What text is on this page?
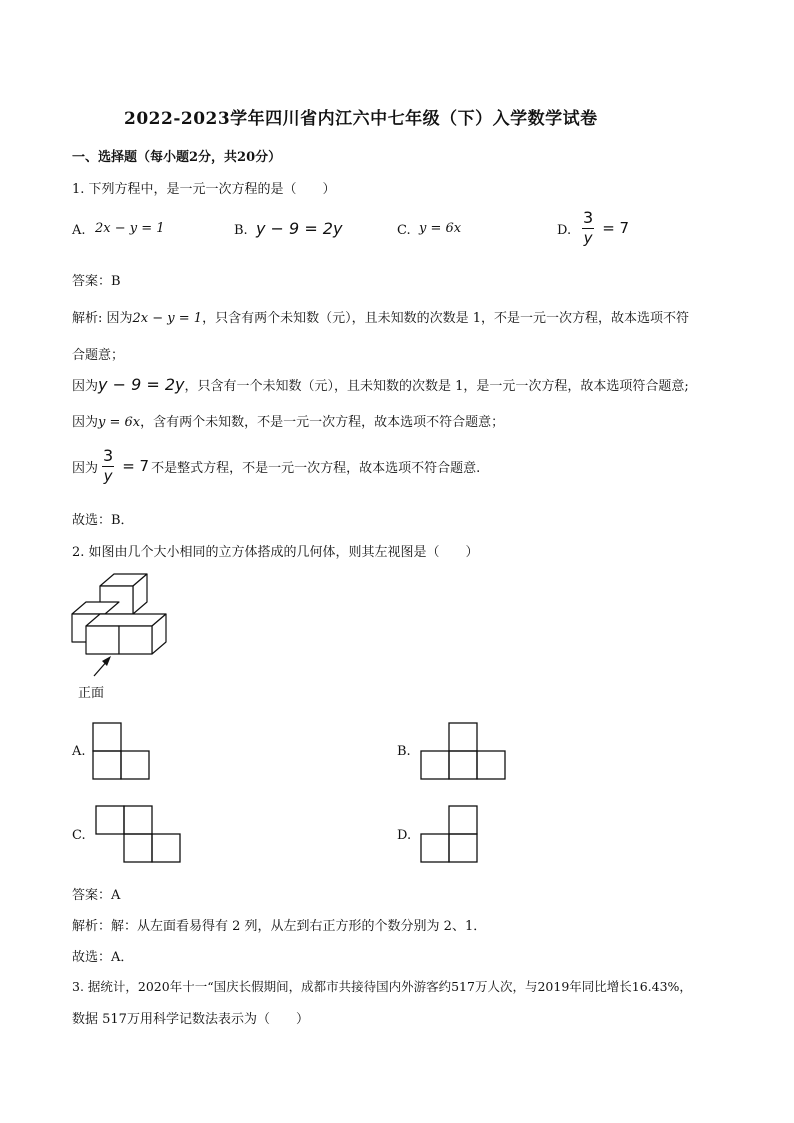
2022-2023学年四川省内江六中七年级（下）入学数学试卷
一、选择题（每小题2分，共20分）
1. 下列方程中，是一元一次方程的是（　　）
A. 2x − y = 1	B. y − 9 = 2y	C. y = 6x	D. $\frac{3}{y} = 7$
答案：B
解析: 因为2x − y = 1，只含有两个未知数（元），且未知数的次数是 1，不是一元一次方程，故本选项不符
合题意；
因为y − 9 = 2y，只含有一个未知数（元），且未知数的次数是 1，是一元一次方程，故本选项符合题意;
因为y = 6x，含有两个未知数，不是一元一次方程，故本选项不符合题意；
因为 $\frac{3}{y} = 7$ 不是整式方程，不是一元一次方程，故本选项不符合题意.
故选：B．
2. 如图由几个大小相同的立方体搭成的几何体，则其左视图是（　　）
正面
A.	B.
C.	D.
答案：A
解析：解：从左面看易得有 2 列，从左到右正方形的个数分别为 2、1．
故选：A．
3. 据统计，2020年十一“国庆长假期间，成都市共接待国内外游客约517万人次，与2019年同比增长16.43%，
数据 517万用科学记数法表示为（　　）
